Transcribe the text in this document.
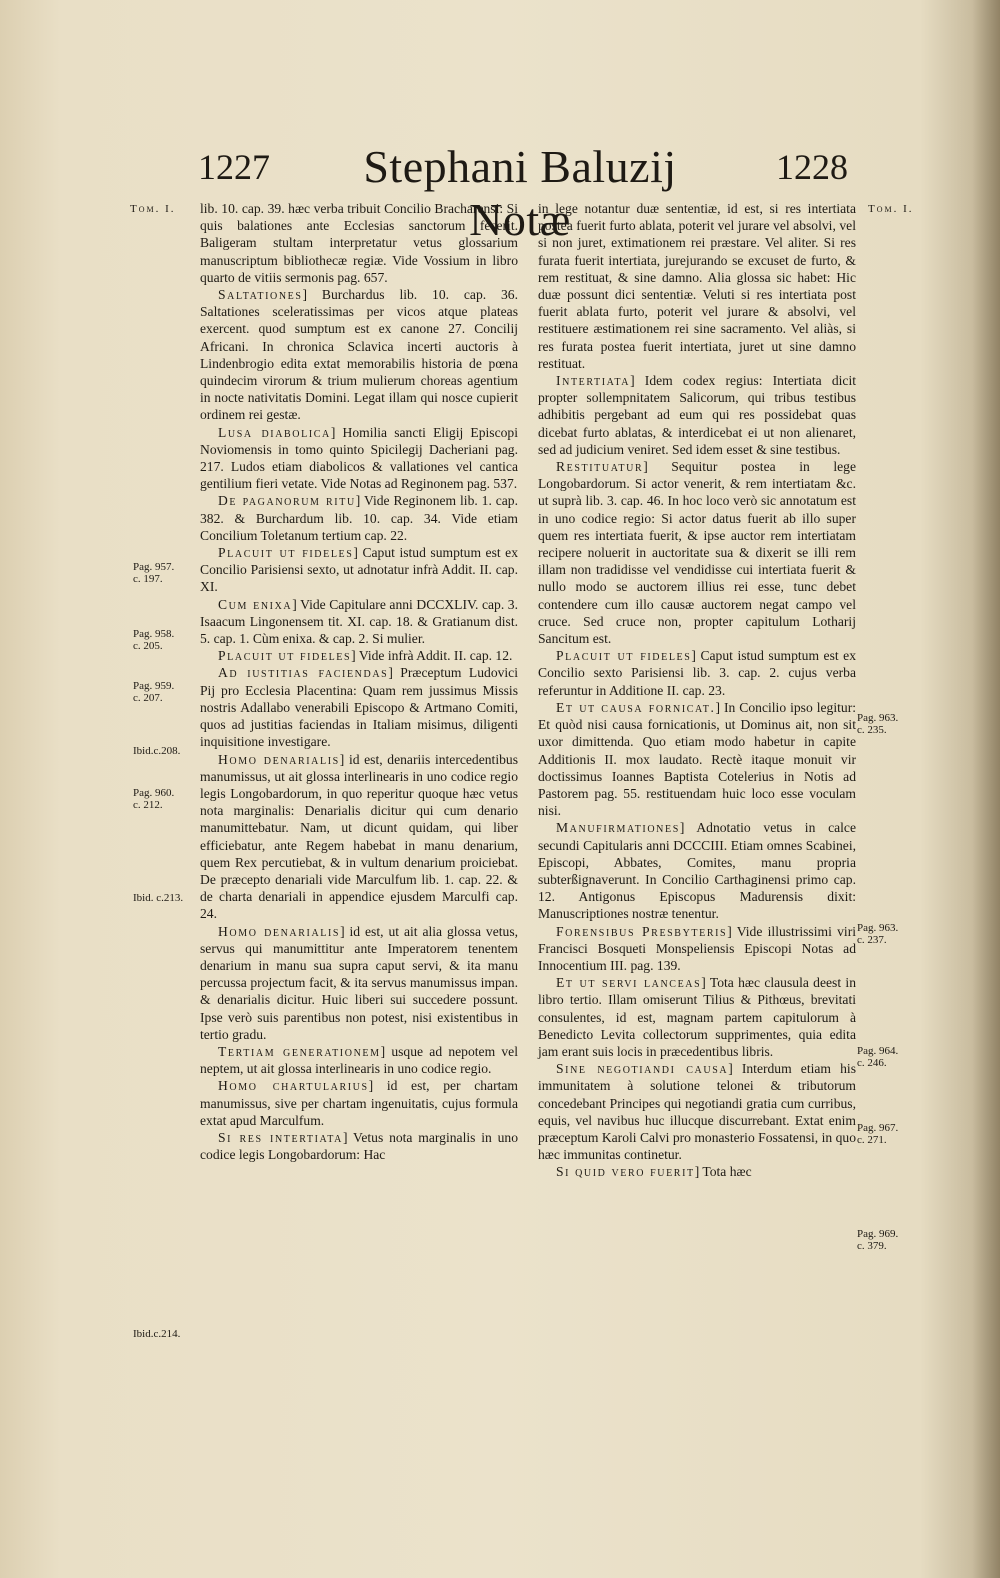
1227	Stephani Baluzij Notæ
1228
Tom. I.
Pag. 957.
c. 197.
Pag. 958.
c. 205.
Pag. 959.
c. 207.
Ibid.c.208.
Pag. 960.
c. 212.
Ibid. c.213.
Ibid.c.214.
Tom. I.
Pag. 963.
c. 235.
Pag. 963.
c. 237.
Pag. 964.
c. 246.
Pag. 967.
c. 271.
Pag. 969.
c. 379.

lib. 10. cap. 39. hæc verba tribuit Concilio Bracharensi: Si quis balationes ante Ecclesias sanctorum fecerit. Baligeram stultam interpretatur vetus glossarium manuscriptum bibliothecæ regiæ. Vide Vossium in libro quarto de vitiis sermonis pag. 657.

Saltationes] Burchardus lib. 10. cap. 36. Saltationes sceleratissimas per vicos atque plateas exercent. quod sumptum est ex canone 27. Concilij Africani. In chronica Sclavica incerti auctoris à Lindenbrogio edita extat memorabilis historia de pœna quindecim virorum & trium mulierum choreas agentium in nocte nativitatis Domini. Legat illam qui nosce cupierit ordinem rei gestæ.

Lusa diabolica] Homilia sancti Eligij Episcopi Noviomensis in tomo quinto Spicilegij Dacheriani pag. 217. Ludos etiam diabolicos & vallationes vel cantica gentilium fieri vetate. Vide Notas ad Reginonem pag. 537.

De paganorum ritu] Vide Reginonem lib. 1. cap. 382. & Burchardum lib. 10. cap. 34. Vide etiam Concilium Toletanum tertium cap. 22.

Placuit ut fideles] Caput istud sumptum est ex Concilio Parisiensi sexto, ut adnotatur infrà Addit. II. cap. XI.

Cum enixa] Vide Capitulare anni DCCXLIV. cap. 3. Isaacum Lingonensem tit. XI. cap. 18. & Gratianum dist. 5. cap. 1. Cùm enixa. & cap. 2. Si mulier.

Placuit ut fideles] Vide infrà Addit. II. cap. 12.

Ad iustitias faciendas] Præceptum Ludovici Pij pro Ecclesia Placentina: Quam rem jussimus Missis nostris Adallabo venerabili Episcopo & Artmano Comiti, quos ad justitias faciendas in Italiam misimus, diligenti inquisitione investigare.

Homo denarialis] id est, denariis intercedentibus manumissus, ut ait glossa interlinearis in uno codice regio legis Longobardorum, in quo reperitur quoque hæc vetus nota marginalis: Denarialis dicitur qui cum denario manumittebatur. Nam, ut dicunt quidam, qui liber efficiebatur, ante Regem habebat in manu denarium, quem Rex percutiebat, & in vultum denarium proiciebat. De præcepto denariali vide Marculfum lib. 1. cap. 22. & de charta denariali in appendice ejusdem Marculfi cap. 24.

Homo denarialis] id est, ut ait alia glossa vetus, servus qui manumittitur ante Imperatorem tenentem denarium in manu sua supra caput servi, & ita manu percussa projectum facit, & ita servus manumissus impan. & denarialis dicitur. Huic liberi sui succedere possunt. Ipse verò suis parentibus non potest, nisi existentibus in tertio gradu.

Tertiam generationem] usque ad nepotem vel neptem, ut ait glossa interlinearis in uno codice regio.

Homo chartularius] id est, per chartam manumissus, sive per chartam ingenuitatis, cujus formula extat apud Marculfum.

Si res intertiata] Vetus nota marginalis in uno codice legis Longobardorum: Hac

in lege notantur duæ sententiæ, id est, si res intertiata postea fuerit furto ablata, poterit vel jurare vel absolvi, vel si non juret, extimationem rei præstare. Vel aliter. Si res furata fuerit intertiata, jurejurando se excuset de furto, & rem restituat, & sine damno. Alia glossa sic habet: Hic duæ possunt dici sententiæ. Veluti si res intertiata post fuerit ablata furto, poterit vel jurare & absolvi, vel restituere æstimationem rei sine sacramento. Vel aliàs, si res furata postea fuerit intertiata, juret ut sine damno restituat.

Intertiata] Idem codex regius: Intertiata dicit propter sollempnitatem Salicorum, qui tribus testibus adhibitis pergebant ad eum qui res possidebat quas dicebat furto ablatas, & interdicebat ei ut non alienaret, sed ad judicium veniret. Sed idem esset & sine testibus.

Restituatur] Sequitur postea in lege Longobardorum. Si actor venerit, & rem intertiatam &c. ut suprà lib. 3. cap. 46. In hoc loco verò sic annotatum est in uno codice regio: Si actor datus fuerit ab illo super quem res intertiata fuerit, & ipse auctor rem intertiatam recipere noluerit in auctoritate sua & dixerit se illi rem illam non tradidisse vel vendidisse cui intertiata fuerit & nullo modo se auctorem illius rei esse, tunc debet contendere cum illo causæ auctorem negat campo vel cruce. Sed cruce non, propter capitulum Lotharij Sancitum est.

Placuit ut fideles] Caput istud sumptum est ex Concilio sexto Parisiensi lib. 3. cap. 2. cujus verba referuntur in Additione II. cap. 23.

Et ut causa fornicat.] In Concilio ipso legitur: Et quòd nisi causa fornicationis, ut Dominus ait, non sit uxor dimittenda. Quo etiam modo habetur in capite Additionis II. mox laudato. Rectè itaque monuit vir doctissimus Ioannes Baptista Cotelerius in Notis ad Pastorem pag. 55. restituendam huic loco esse voculam nisi.

Manufirmationes] Adnotatio vetus in calce secundi Capitularis anni DCCCIII. Etiam omnes Scabinei, Episcopi, Abbates, Comites, manu propria subterßignaverunt. In Concilio Carthaginensi primo cap. 12. Antigonus Episcopus Madurensis dixit: Manuscriptiones nostræ tenentur.

Forensibus Presbyteris] Vide illustrissimi viri Francisci Bosqueti Monspeliensis Episcopi Notas ad Innocentium III. pag. 139.

Et ut servi lanceas] Tota hæc clausula deest in libro tertio. Illam omiserunt Tilius & Pithœus, brevitati consulentes, id est, magnam partem capitulorum à Benedicto Levita collectorum supprimentes, quia edita jam erant suis locis in præcedentibus libris.

Sine negotiandi causa] Interdum etiam his immunitatem à solutione telonei & tributorum concedebant Principes qui negotiandi gratia cum curribus, equis, vel navibus huc illucque discurrebant. Extat enim præceptum Karoli Calvi pro monasterio Fossatensi, in quo hæc immunitas continetur.

Si quid vero fuerit] Tota hæc
